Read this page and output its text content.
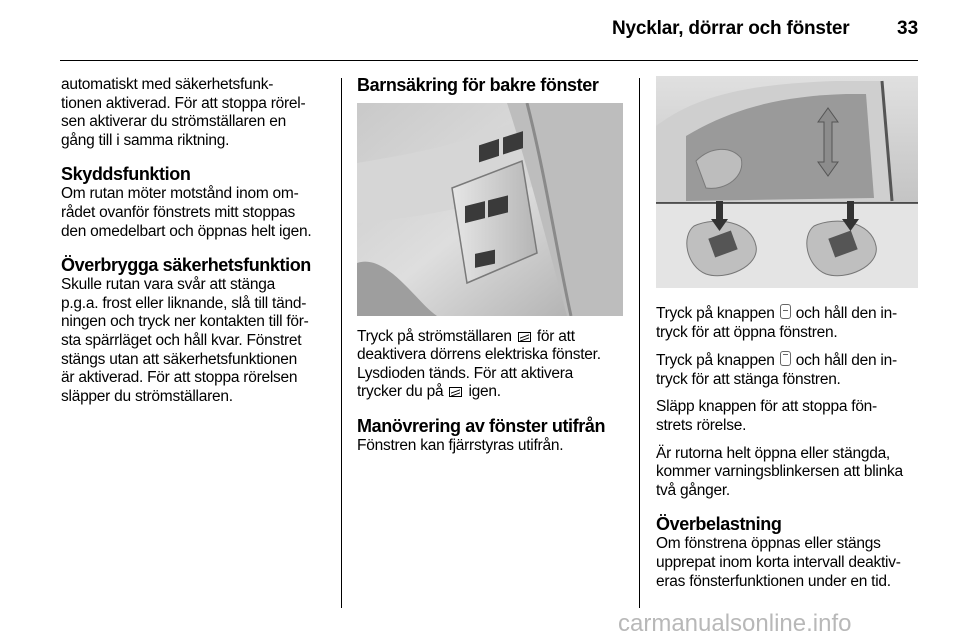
Nycklar, dörrar och fönster	33

automatiskt med säkerhetsfunk-
tionen aktiverad. För att stoppa rörel-
sen aktiverar du strömställaren en
gång till i samma riktning.

Skyddsfunktion

Om rutan möter motstånd inom om-
rådet ovanför fönstrets mitt stoppas
den omedelbart och öppnas helt igen.

Överbrygga säkerhetsfunktion

Skulle rutan vara svår att stänga
p.g.a. frost eller liknande, slå till tänd-
ningen och tryck ner kontakten till för-
sta spärrläget och håll kvar. Fönstret
stängs utan att säkerhetsfunktionen
är aktiverad. För att stoppa rörelsen
släpper du strömställaren.

Barnsäkring för bakre fönster

Tryck på strömställaren för att
deaktivera dörrens elektriska fönster.
Lysdioden tänds. För att aktivera
trycker du på igen.

Manövrering av fönster utifrån

Fönstren kan fjärrstyras utifrån.

Tryck på knappen och håll den in-
tryck för att öppna fönstren.

Tryck på knappen och håll den in-
tryck för att stänga fönstren.

Släpp knappen för att stoppa fön-
strets rörelse.

Är rutorna helt öppna eller stängda,
kommer varningsblinkersen att blinka
två gånger.

Överbelastning

Om fönstrena öppnas eller stängs
upprepat inom korta intervall deaktiv-
eras fönsterfunktionen under en tid.

carmanualsonline.info
